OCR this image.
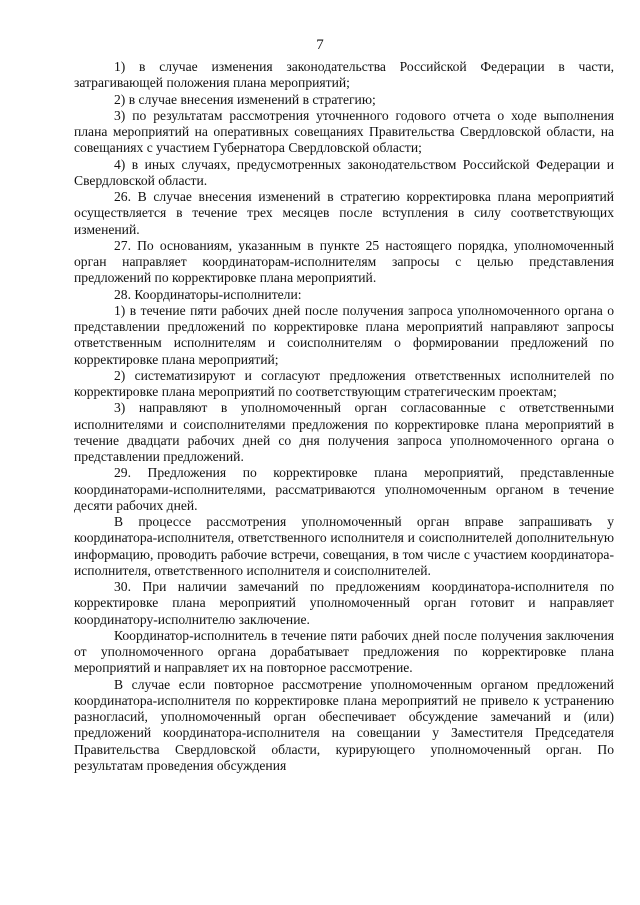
7

1) в случае изменения законодательства Российской Федерации в части, затрагивающей положения плана мероприятий;

2) в случае внесения изменений в стратегию;

3) по результатам рассмотрения уточненного годового отчета о ходе выполнения плана мероприятий на оперативных совещаниях Правительства Свердловской области, на совещаниях с участием Губернатора Свердловской области;

4) в иных случаях, предусмотренных законодательством Российской Федерации и Свердловской области.

26. В случае внесения изменений в стратегию корректировка плана мероприятий осуществляется в течение трех месяцев после вступления в силу соответствующих изменений.

27. По основаниям, указанным в пункте 25 настоящего порядка, уполномоченный орган направляет координаторам-исполнителям запросы с целью представления предложений по корректировке плана мероприятий.

28. Координаторы-исполнители:

1) в течение пяти рабочих дней после получения запроса уполномоченного органа о представлении предложений по корректировке плана мероприятий направляют запросы ответственным исполнителям и соисполнителям о формировании предложений по корректировке плана мероприятий;

2) систематизируют и согласуют предложения ответственных исполнителей по корректировке плана мероприятий по соответствующим стратегическим проектам;

3) направляют в уполномоченный орган согласованные с ответственными исполнителями и соисполнителями предложения по корректировке плана мероприятий в течение двадцати рабочих дней со дня получения запроса уполномоченного органа о представлении предложений.

29. Предложения по корректировке плана мероприятий, представленные координаторами-исполнителями, рассматриваются уполномоченным органом в течение десяти рабочих дней.

В процессе рассмотрения уполномоченный орган вправе запрашивать у координатора-исполнителя, ответственного исполнителя и соисполнителей дополнительную информацию, проводить рабочие встречи, совещания, в том числе с участием координатора-исполнителя, ответственного исполнителя и соисполнителей.

30. При наличии замечаний по предложениям координатора-исполнителя по корректировке плана мероприятий уполномоченный орган готовит и направляет координатору-исполнителю заключение.

Координатор-исполнитель в течение пяти рабочих дней после получения заключения от уполномоченного органа дорабатывает предложения по корректировке плана мероприятий и направляет их на повторное рассмотрение.

В случае если повторное рассмотрение уполномоченным органом предложений координатора-исполнителя по корректировке плана мероприятий не привело к устранению разногласий, уполномоченный орган обеспечивает обсуждение замечаний и (или) предложений координатора-исполнителя на совещании у Заместителя Председателя Правительства Свердловской области, курирующего уполномоченный орган. По результатам проведения обсуждения
